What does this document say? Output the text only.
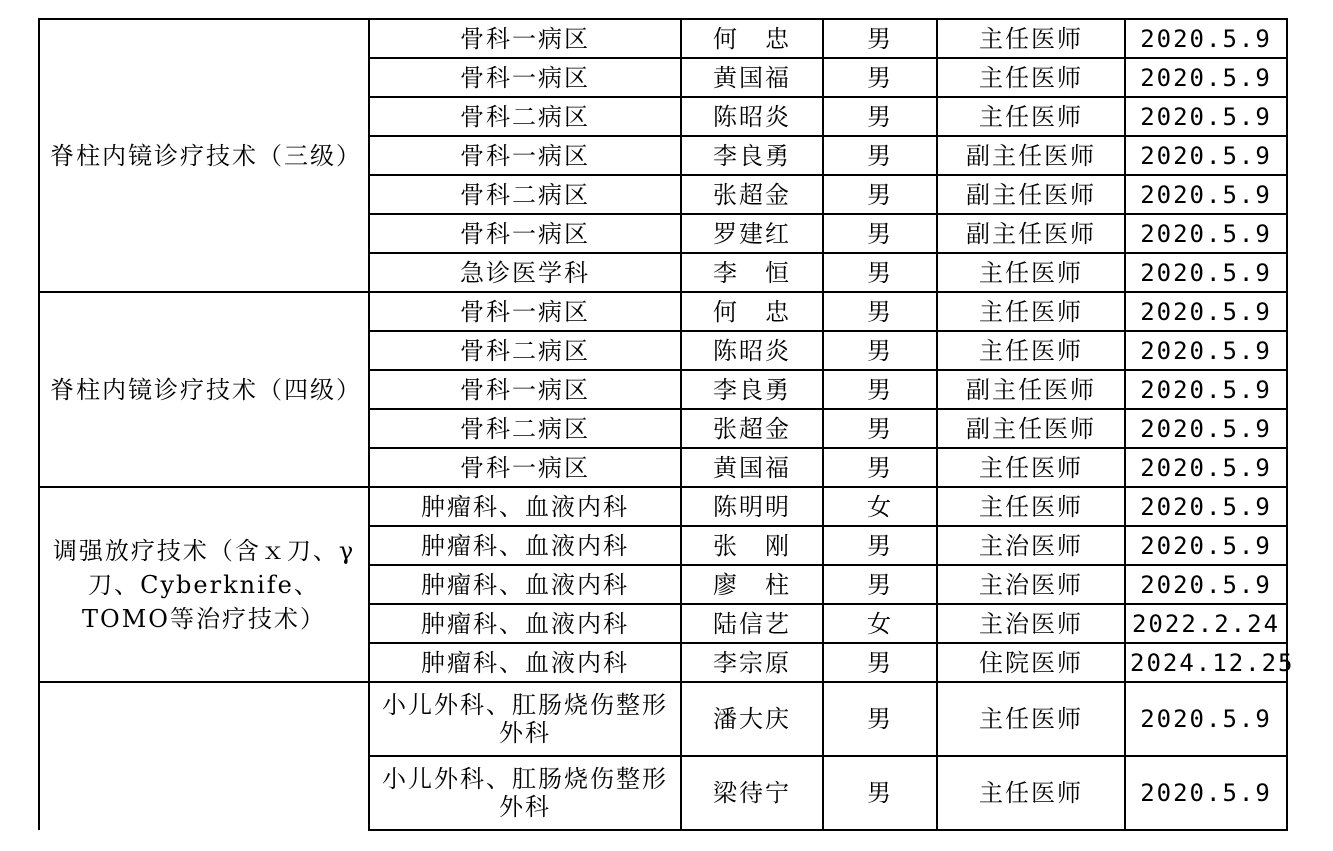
脊柱内镜诊疗技术（三级）	骨科一病区	何　忠	男	主任医师	2020.5.9
	骨科一病区	黄国福	男	主任医师	2020.5.9
	骨科二病区	陈昭炎	男	主任医师	2020.5.9
	骨科一病区	李良勇	男	副主任医师	2020.5.9
	骨科二病区	张超金	男	副主任医师	2020.5.9
	骨科一病区	罗建红	男	副主任医师	2020.5.9
	急诊医学科	李　恒	男	主任医师	2020.5.9
脊柱内镜诊疗技术（四级）	骨科一病区	何　忠	男	主任医师	2020.5.9
	骨科二病区	陈昭炎	男	主任医师	2020.5.9
	骨科一病区	李良勇	男	副主任医师	2020.5.9
	骨科二病区	张超金	男	副主任医师	2020.5.9
	骨科一病区	黄国福	男	主任医师	2020.5.9
调强放疗技术（含ｘ刀、γ刀、Cyberknife、TOMO等治疗技术）	肿瘤科、血液内科	陈明明	女	主任医师	2020.5.9
	肿瘤科、血液内科	张　刚	男	主治医师	2020.5.9
	肿瘤科、血液内科	廖　柱	男	主治医师	2020.5.9
	肿瘤科、血液内科	陆信艺	女	主治医师	2022.2.24
	肿瘤科、血液内科	李宗原	男	住院医师	2024.12.25
	小儿外科、肛肠烧伤整形外科	潘大庆	男	主任医师	2020.5.9
	小儿外科、肛肠烧伤整形外科	梁待宁	男	主任医师	2020.5.9
